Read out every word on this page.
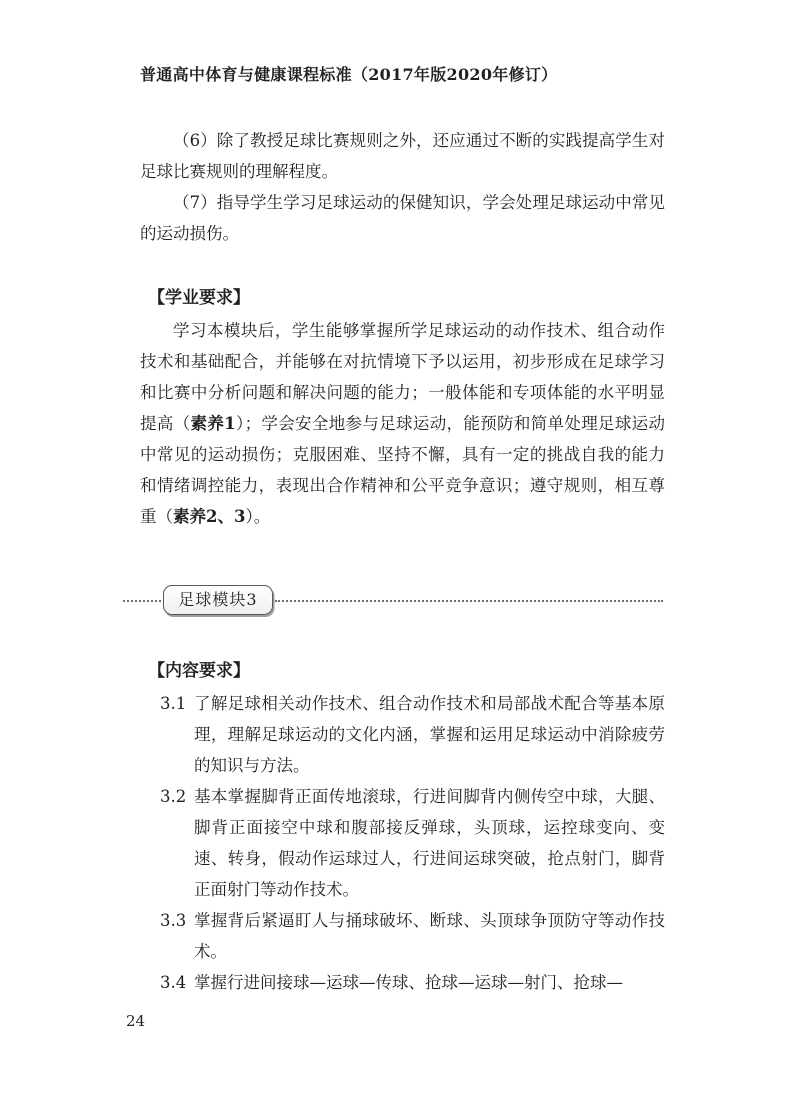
普通高中体育与健康课程标准（2017年版2020年修订）

（6）除了教授足球比赛规则之外，还应通过不断的实践提高学生对足球比赛规则的理解程度。

（7）指导学生学习足球运动的保健知识，学会处理足球运动中常见的运动损伤。

【学业要求】

学习本模块后，学生能够掌握所学足球运动的动作技术、组合动作技术和基础配合，并能够在对抗情境下予以运用，初步形成在足球学习和比赛中分析问题和解决问题的能力；一般体能和专项体能的水平明显提高（素养1）；学会安全地参与足球运动，能预防和简单处理足球运动中常见的运动损伤；克服困难、坚持不懈，具有一定的挑战自我的能力和情绪调控能力，表现出合作精神和公平竞争意识；遵守规则，相互尊重（素养2、3）。

足球模块3
【内容要求】
3.1 了解足球相关动作技术、组合动作技术和局部战术配合等基本原理，理解足球运动的文化内涵，掌握和运用足球运动中消除疲劳的知识与方法。
3.2 基本掌握脚背正面传地滚球，行进间脚背内侧传空中球，大腿、脚背正面接空中球和腹部接反弹球，头顶球，运控球变向、变速、转身，假动作运球过人，行进间运球突破，抢点射门，脚背正面射门等动作技术。
3.3 掌握背后紧逼盯人与捅球破坏、断球、头顶球争顶防守等动作技术。
3.4 掌握行进间接球—运球—传球、抢球—运球—射门、抢球—
24
